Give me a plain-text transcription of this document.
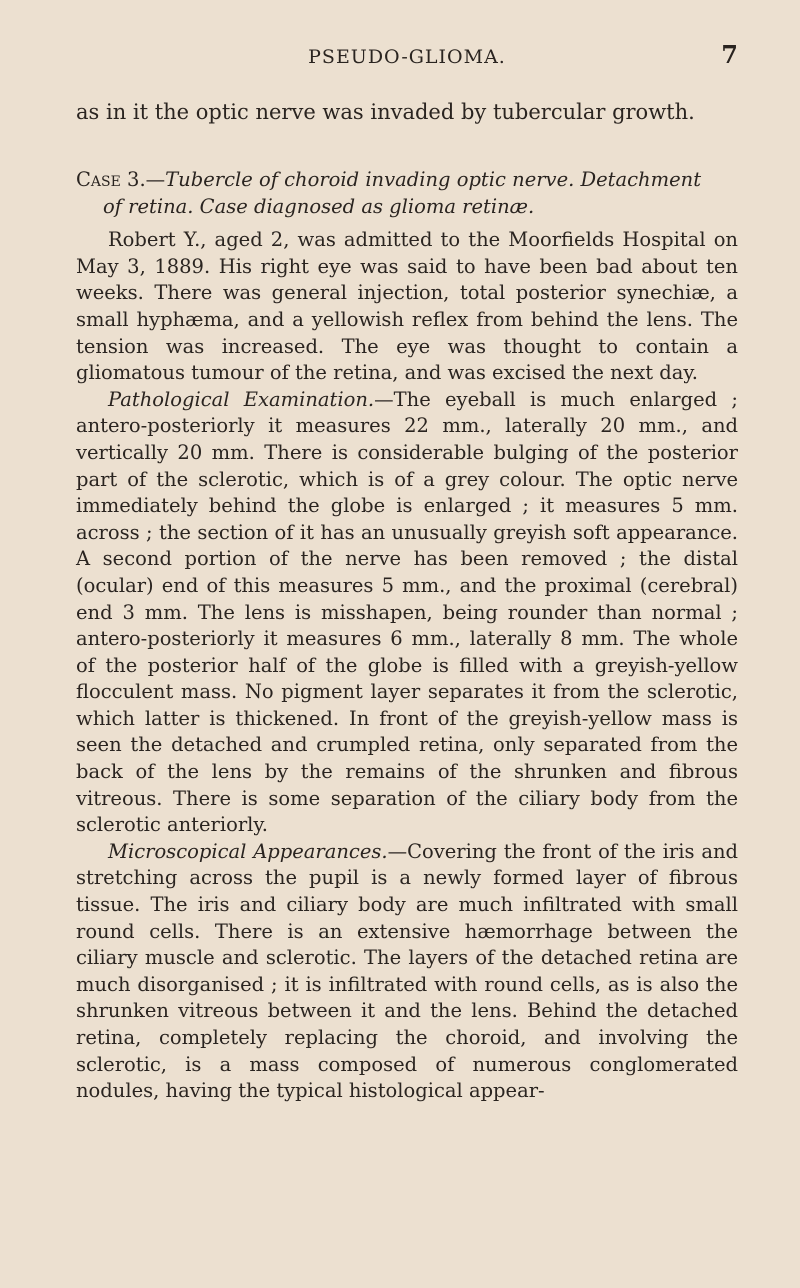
PSEUDO-GLIOMA.	7

as in it the optic nerve was invaded by tubercular growth.

Case 3.—Tubercle of choroid invading optic nerve. Detachment
of retina. Case diagnosed as glioma retinæ.

Robert Y., aged 2, was admitted to the Moorfields Hospital on May 3, 1889. His right eye was said to have been bad about ten weeks. There was general injection, total posterior synechiæ, a small hyphæma, and a yellowish reflex from behind the lens. The tension was increased. The eye was thought to contain a gliomatous tumour of the retina, and was excised the next day.

Pathological Examination.—The eyeball is much enlarged ; antero-posteriorly it measures 22 mm., laterally 20 mm., and vertically 20 mm. There is considerable bulging of the posterior part of the sclerotic, which is of a grey colour. The optic nerve immediately behind the globe is enlarged ; it measures 5 mm. across ; the section of it has an unusually greyish soft appearance. A second portion of the nerve has been removed ; the distal (ocular) end of this measures 5 mm., and the proximal (cerebral) end 3 mm. The lens is misshapen, being rounder than normal ; antero-posteriorly it measures 6 mm., laterally 8 mm. The whole of the posterior half of the globe is filled with a greyish-yellow flocculent mass. No pigment layer separates it from the sclerotic, which latter is thickened. In front of the greyish-yellow mass is seen the detached and crumpled retina, only separated from the back of the lens by the remains of the shrunken and fibrous vitreous. There is some separation of the ciliary body from the sclerotic anteriorly.

Microscopical Appearances.—Covering the front of the iris and stretching across the pupil is a newly formed layer of fibrous tissue. The iris and ciliary body are much infiltrated with small round cells. There is an extensive hæmorrhage between the ciliary muscle and sclerotic. The layers of the detached retina are much disorganised ; it is infiltrated with round cells, as is also the shrunken vitreous between it and the lens. Behind the detached retina, completely replacing the choroid, and involving the sclerotic, is a mass composed of numerous conglomerated nodules, having the typical histological appear-
